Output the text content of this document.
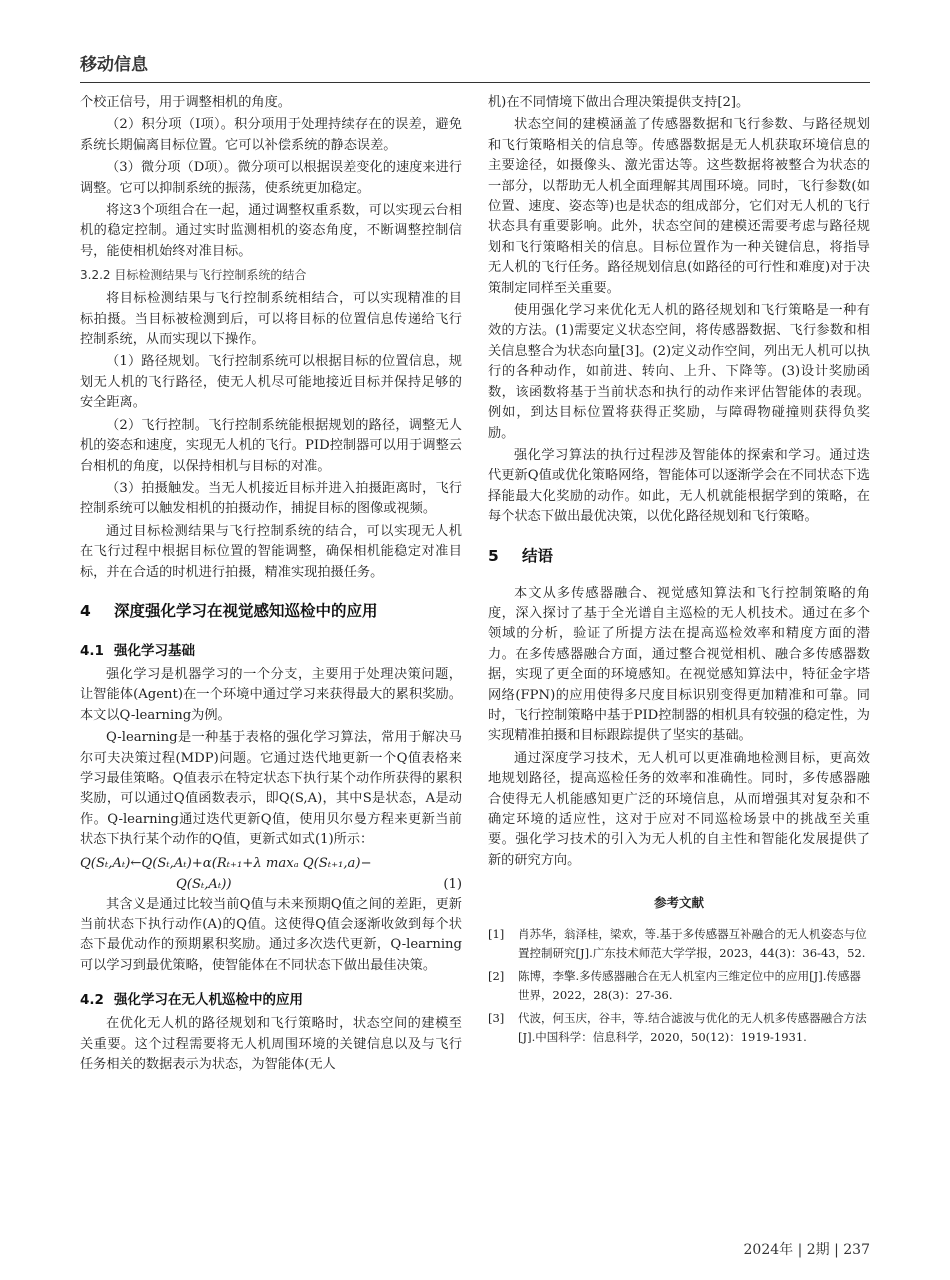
移动信息

个校正信号，用于调整相机的角度。

（2）积分项（I项）。积分项用于处理持续存在的误差，避免系统长期偏离目标位置。它可以补偿系统的静态误差。

（3）微分项（D项）。微分项可以根据误差变化的速度来进行调整。它可以抑制系统的振荡，使系统更加稳定。

将这3个项组合在一起，通过调整权重系数，可以实现云台相机的稳定控制。通过实时监测相机的姿态角度，不断调整控制信号，能使相机始终对准目标。

3.2.2 目标检测结果与飞行控制系统的结合

将目标检测结果与飞行控制系统相结合，可以实现精准的目标拍摄。当目标被检测到后，可以将目标的位置信息传递给飞行控制系统，从而实现以下操作。

（1）路径规划。飞行控制系统可以根据目标的位置信息，规划无人机的飞行路径，使无人机尽可能地接近目标并保持足够的安全距离。

（2）飞行控制。飞行控制系统能根据规划的路径，调整无人机的姿态和速度，实现无人机的飞行。PID控制器可以用于调整云台相机的角度，以保持相机与目标的对准。

（3）拍摄触发。当无人机接近目标并进入拍摄距离时，飞行控制系统可以触发相机的拍摄动作，捕捉目标的图像或视频。

通过目标检测结果与飞行控制系统的结合，可以实现无人机在飞行过程中根据目标位置的智能调整，确保相机能稳定对准目标，并在合适的时机进行拍摄，精准实现拍摄任务。

4 深度强化学习在视觉感知巡检中的应用
4.1 强化学习基础

强化学习是机器学习的一个分支，主要用于处理决策问题，让智能体(Agent)在一个环境中通过学习来获得最大的累积奖励。本文以Q-learning为例。

Q-learning是一种基于表格的强化学习算法，常用于解决马尔可夫决策过程(MDP)问题。它通过迭代地更新一个Q值表格来学习最佳策略。Q值表示在特定状态下执行某个动作所获得的累积奖励，可以通过Q值函数表示，即Q(S,A)，其中S是状态，A是动作。Q-learning通过迭代更新Q值，使用贝尔曼方程来更新当前状态下执行某个动作的Q值，更新式如式(1)所示：

Q(Sₜ,Aₜ)←Q(Sₜ,Aₜ)+α(Rₜ₊₁+λ maxₐ Q(Sₜ₊₁,a)−
Q(Sₜ,Aₜ))	(1)

其含义是通过比较当前Q值与未来预期Q值之间的差距，更新当前状态下执行动作(A)的Q值。这使得Q值会逐渐收敛到每个状态下最优动作的预期累积奖励。通过多次迭代更新，Q-learning可以学习到最优策略，使智能体在不同状态下做出最佳决策。

4.2 强化学习在无人机巡检中的应用

在优化无人机的路径规划和飞行策略时，状态空间的建模至关重要。这个过程需要将无人机周围环境的关键信息以及与飞行任务相关的数据表示为状态，为智能体(无人

机)在不同情境下做出合理决策提供支持[2]。

状态空间的建模涵盖了传感器数据和飞行参数、与路径规划和飞行策略相关的信息等。传感器数据是无人机获取环境信息的主要途径，如摄像头、激光雷达等。这些数据将被整合为状态的一部分，以帮助无人机全面理解其周围环境。同时，飞行参数(如位置、速度、姿态等)也是状态的组成部分，它们对无人机的飞行状态具有重要影响。此外，状态空间的建模还需要考虑与路径规划和飞行策略相关的信息。目标位置作为一种关键信息，将指导无人机的飞行任务。路径规划信息(如路径的可行性和难度)对于决策制定同样至关重要。

使用强化学习来优化无人机的路径规划和飞行策略是一种有效的方法。(1)需要定义状态空间，将传感器数据、飞行参数和相关信息整合为状态向量[3]。(2)定义动作空间，列出无人机可以执行的各种动作，如前进、转向、上升、下降等。(3)设计奖励函数，该函数将基于当前状态和执行的动作来评估智能体的表现。例如，到达目标位置将获得正奖励，与障碍物碰撞则获得负奖励。

强化学习算法的执行过程涉及智能体的探索和学习。通过迭代更新Q值或优化策略网络，智能体可以逐渐学会在不同状态下选择能最大化奖励的动作。如此，无人机就能根据学到的策略，在每个状态下做出最优决策，以优化路径规划和飞行策略。

5 结语

本文从多传感器融合、视觉感知算法和飞行控制策略的角度，深入探讨了基于全光谱自主巡检的无人机技术。通过在多个领域的分析，验证了所提方法在提高巡检效率和精度方面的潜力。在多传感器融合方面，通过整合视觉相机、融合多传感器数据，实现了更全面的环境感知。在视觉感知算法中，特征金字塔网络(FPN)的应用使得多尺度目标识别变得更加精准和可靠。同时，飞行控制策略中基于PID控制器的相机具有较强的稳定性，为实现精准拍摄和目标跟踪提供了坚实的基础。

通过深度学习技术，无人机可以更准确地检测目标，更高效地规划路径，提高巡检任务的效率和准确性。同时，多传感器融合使得无人机能感知更广泛的环境信息，从而增强其对复杂和不确定环境的适应性，这对于应对不同巡检场景中的挑战至关重要。强化学习技术的引入为无人机的自主性和智能化发展提供了新的研究方向。

参考文献
[1]	肖苏华，翁泽桂，梁欢，等.基于多传感器互补融合的无人机姿态与位置控制研究[J].广东技术师范大学学报，2023，44(3)：36-43，52.
[2]	陈博，李擎.多传感器融合在无人机室内三维定位中的应用[J].传感器世界，2022，28(3)：27-36.
[3]	代波，何玉庆，谷丰，等.结合滤波与优化的无人机多传感器融合方法[J].中国科学：信息科学，2020，50(12)：1919-1931.
2024年 | 2期 | 237
